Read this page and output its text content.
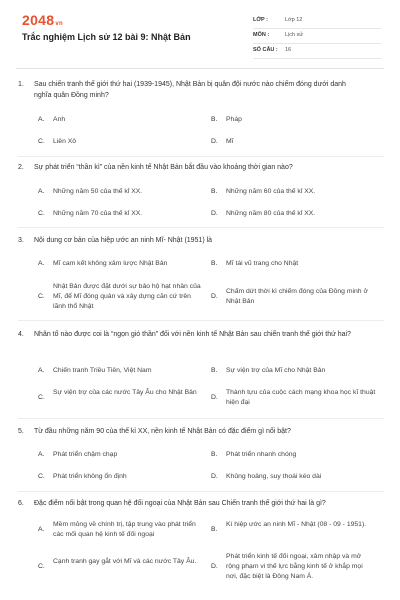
2048vn
Trắc nghiệm Lịch sử 12 bài 9: Nhật Bản
LỚP :	Lớp 12
MÔN :	Lịch sử
SỐ CÂU : 16
1. Sau chiến tranh thế giới thứ hai (1939-1945), Nhật Bản bị quân đội nước nào chiếm đóng dưới danh nghĩa quân Đồng minh?
A. Anh	B. Pháp
C. Liên Xô	D. Mĩ
2. Sự phát triển “thần kì” của nền kinh tế Nhật Bản bắt đầu vào khoảng thời gian nào?
A. Những năm 50 của thế kỉ XX.	B. Những năm 60 của thế kỉ XX.
C. Những năm 70 của thế kỉ XX.	D. Những năm 80 của thế kỉ XX.
3. Nội dung cơ bản của hiệp ước an ninh Mĩ- Nhật (1951) là
A. Mĩ cam kết không xâm lược Nhật Bản	B. Mĩ tái vũ trang cho Nhật
C.
Nhật Bản được đặt dưới sự bảo hộ hạt nhân của Mĩ, để Mĩ đóng quân và xây dựng căn cứ trên lãnh thổ Nhật
D.
Chấm dứt thời kì chiếm đóng của Đồng minh ở Nhật Bản
4. Nhân tố nào được coi là “ngọn gió thần” đối với nền kinh tế Nhật Bản sau chiến tranh thế giới thứ hai?
A. Chiến tranh Triều Tiên, Việt Nam	B. Sự viện trợ của Mĩ cho Nhật Bản
C.
Sự viện trợ của các nước Tây Âu cho Nhật Bản
D.
Thành tựu của cuộc cách mạng khoa học kĩ thuật hiện đại
5. Từ đầu những năm 90 của thế kỉ XX, nền kinh tế Nhật Bản có đặc điểm gì nổi bật?
A. Phát triển chậm chạp	B. Phát triển nhanh chóng
C. Phát triển không ổn định	D. Khủng hoảng, suy thoái kéo dài
6. Đặc điểm nổi bật trong quan hệ đối ngoại của Nhật Bản sau Chiến tranh thế giới thứ hai là gì?
A.
Mềm mỏng về chính trị, tập trung vào phát triển các mối quan hệ kinh tế đối ngoại
B.
Kí hiệp ước an ninh Mĩ - Nhật (08 - 09 - 1951).
C.
Cạnh tranh gay gắt với Mĩ và các nước Tây Âu.
D.
Phát triển kinh tế đối ngoại, xâm nhập và mở rộng phạm vi thế lực bằng kinh tế ở khắp mọi nơi, đặc biệt là Đông Nam Á.
